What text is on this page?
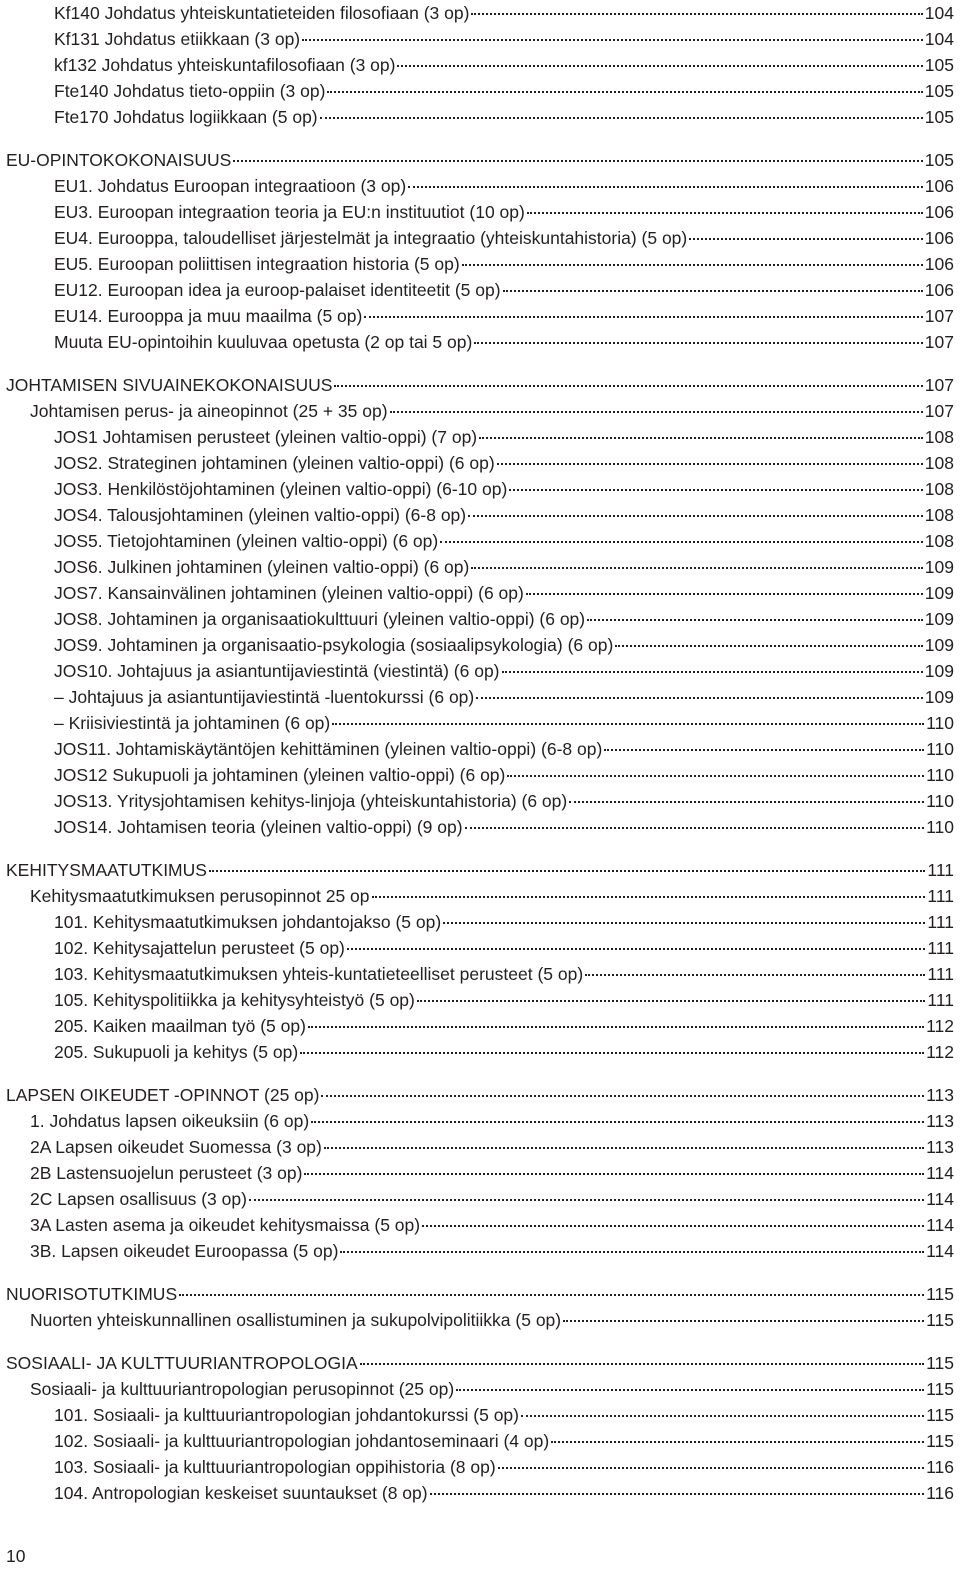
Kf140 Johdatus yhteiskuntatieteiden filosofiaan (3 op)	104
Kf131 Johdatus etiikkaan (3 op)	104
kf132 Johdatus yhteiskuntafilosofiaan (3 op)	105
Fte140 Johdatus tieto-oppiin (3 op)	105
Fte170 Johdatus logiikkaan (5 op)	105
EU-OPINTOKOKONAISUUS	105
EU1. Johdatus Euroopan integraatioon (3 op)	106
EU3. Euroopan integraation teoria ja EU:n instituutiot (10 op)	106
EU4. Eurooppa, taloudelliset järjestelmät ja integraatio (yhteiskuntahistoria) (5 op)	106
EU5. Euroopan poliittisen integraation historia (5 op)	106
EU12. Euroopan idea ja euroop-palaiset identiteetit (5 op)	106
EU14. Eurooppa ja muu maailma (5 op)	107
Muuta EU-opintoihin kuuluvaa opetusta (2 op tai 5 op)	107
JOHTAMISEN SIVUAINEKOKONAISUUS	107
Johtamisen perus- ja aineopinnot (25 + 35 op)	107
JOS1 Johtamisen perusteet (yleinen valtio-oppi) (7 op)	108
JOS2. Strateginen johtaminen (yleinen valtio-oppi) (6 op)	108
JOS3. Henkilöstöjohtaminen (yleinen valtio-oppi) (6-10 op)	108
JOS4. Talousjohtaminen (yleinen valtio-oppi) (6-8 op)	108
JOS5. Tietojohtaminen (yleinen valtio-oppi) (6 op)	108
JOS6. Julkinen johtaminen (yleinen valtio-oppi) (6 op)	109
JOS7. Kansainvälinen johtaminen (yleinen valtio-oppi) (6 op)	109
JOS8. Johtaminen ja organisaatiokulttuuri (yleinen valtio-oppi) (6 op)	109
JOS9. Johtaminen ja organisaatio-psykologia (sosiaalipsykologia) (6 op)	109
JOS10. Johtajuus ja asiantuntijaviestintä (viestintä) (6 op)	109
– Johtajuus ja asiantuntijaviestintä -luentokurssi (6 op)	109
– Kriisiviestintä ja johtaminen (6 op)	110
JOS11. Johtamiskäytäntöjen kehittäminen (yleinen valtio-oppi) (6-8 op)	110
JOS12 Sukupuoli ja johtaminen (yleinen valtio-oppi) (6 op)	110
JOS13. Yritysjohtamisen kehitys-linjoja (yhteiskuntahistoria) (6 op)	110
JOS14. Johtamisen teoria (yleinen valtio-oppi) (9 op)	110
KEHITYSMAATUTKIMUS	111
Kehitysmaatutkimuksen perusopinnot 25 op	111
101. Kehitysmaatutkimuksen johdantojakso (5 op)	111
102. Kehitysajattelun perusteet (5 op)	111
103. Kehitysmaatutkimuksen yhteis-kuntatieteelliset perusteet (5 op)	111
105. Kehityspolitiikka ja kehitysyhteistyö (5 op)	111
205. Kaiken maailman työ (5 op)	112
205. Sukupuoli ja kehitys (5 op)	112
LAPSEN OIKEUDET -OPINNOT (25 op)	113
1. Johdatus lapsen oikeuksiin (6 op)	113
2A Lapsen oikeudet Suomessa (3 op)	113
2B Lastensuojelun perusteet (3 op)	114
2C Lapsen osallisuus (3 op)	114
3A Lasten asema ja oikeudet kehitysmaissa (5 op)	114
3B. Lapsen oikeudet Euroopassa (5 op)	114
NUORISOTUTKIMUS	115
Nuorten yhteiskunnallinen osallistuminen ja sukupolvipolitiikka (5 op)	115
SOSIAALI- JA KULTTUURIANTROPOLOGIA	115
Sosiaali- ja kulttuuriantropologian perusopinnot (25 op)	115
101. Sosiaali- ja kulttuuriantropologian johdantokurssi (5 op)	115
102. Sosiaali- ja kulttuuriantropologian johdantoseminaari (4 op)	115
103. Sosiaali- ja kulttuuriantropologian oppihistoria (8 op)	116
104. Antropologian keskeiset suuntaukset (8 op)	116
10
